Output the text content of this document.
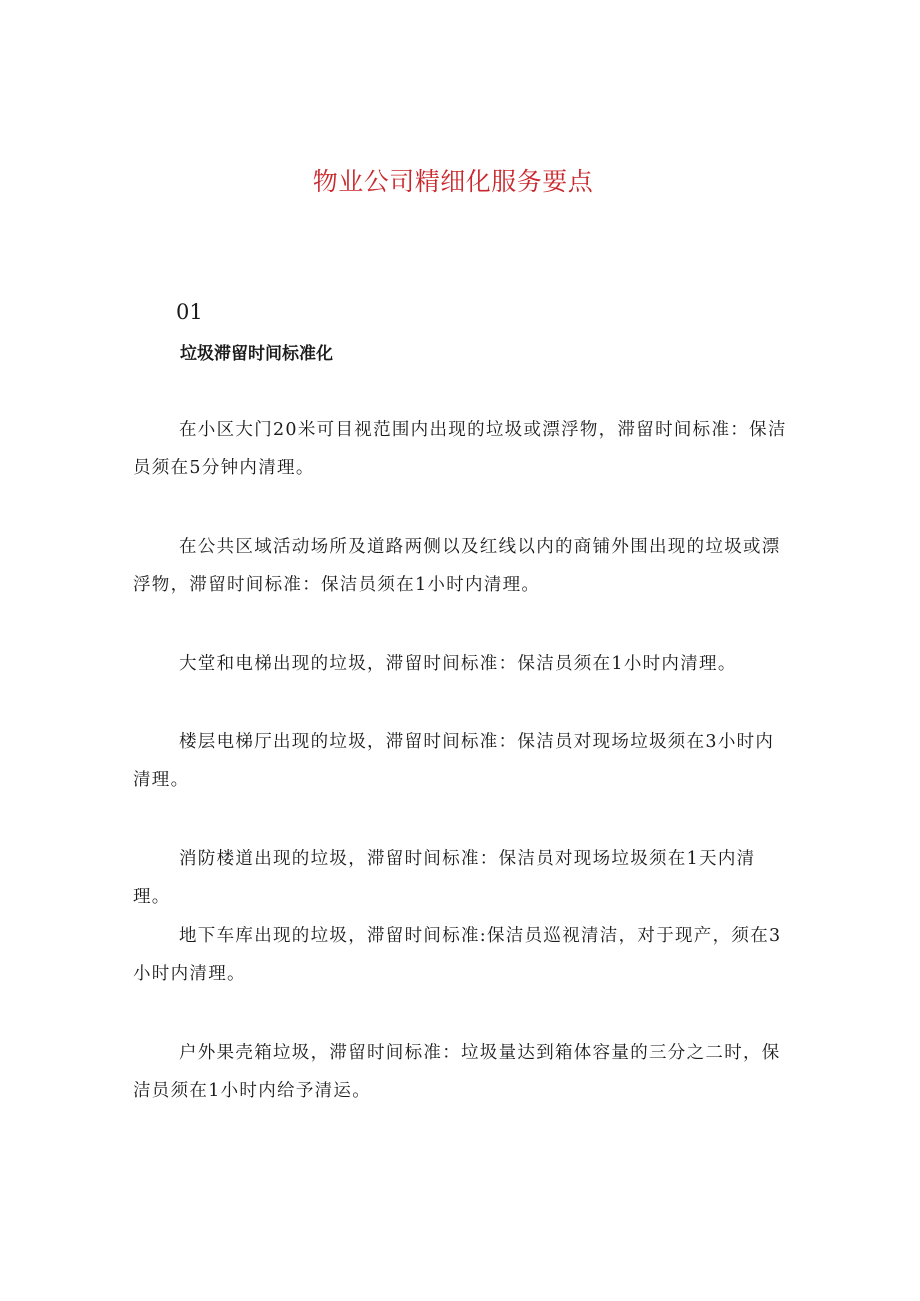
物业公司精细化服务要点
01
垃圾滞留时间标准化

在小区大门20米可目视范围内出现的垃圾或漂浮物，滞留时间标准：保洁员须在5分钟内清理。

在公共区域活动场所及道路两侧以及红线以内的商铺外围出现的垃圾或漂浮物，滞留时间标准：保洁员须在1小时内清理。

大堂和电梯出现的垃圾，滞留时间标准：保洁员须在1小时内清理。

楼层电梯厅出现的垃圾，滞留时间标准：保洁员对现场垃圾须在3小时内清理。

消防楼道出现的垃圾，滞留时间标准：保洁员对现场垃圾须在1天内清理。

地下车库出现的垃圾，滞留时间标准:保洁员巡视清洁，对于现产，须在3小时内清理。

户外果壳箱垃圾，滞留时间标准：垃圾量达到箱体容量的三分之二时，保洁员须在1小时内给予清运。
